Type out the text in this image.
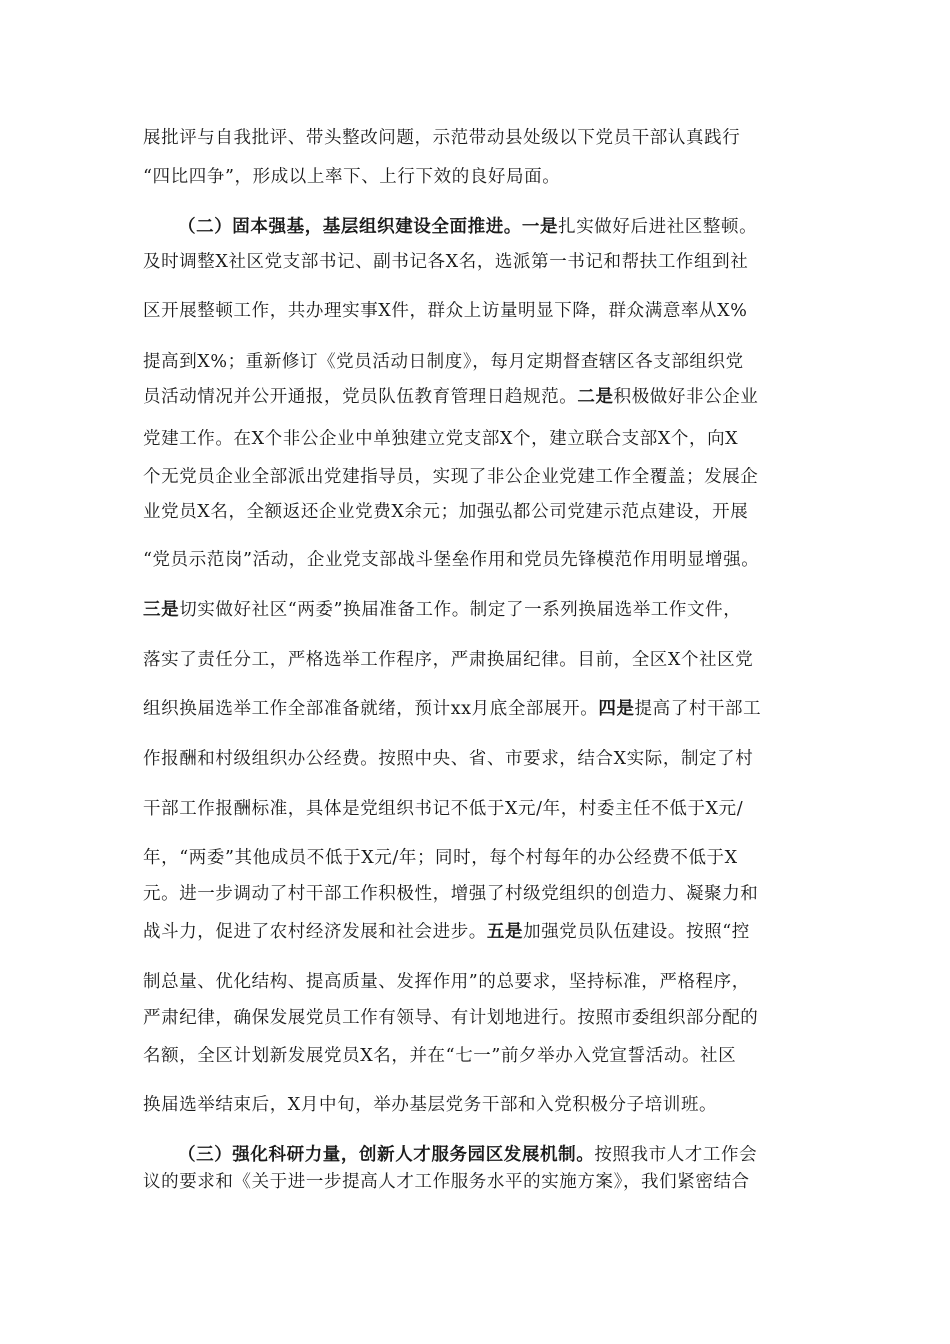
展批评与自我批评、带头整改问题，示范带动县处级以下党员干部认真践行
“四比四争”，形成以上率下、上行下效的良好局面。
（二）固本强基，基层组织建设全面推进。一是扎实做好后进社区整顿。
及时调整X社区党支部书记、副书记各X名，选派第一书记和帮扶工作组到社
区开展整顿工作，共办理实事X件，群众上访量明显下降，群众满意率从X%
提高到X%；重新修订《党员活动日制度》，每月定期督查辖区各支部组织党
员活动情况并公开通报，党员队伍教育管理日趋规范。二是积极做好非公企业
党建工作。在X个非公企业中单独建立党支部X个，建立联合支部X个，向X
个无党员企业全部派出党建指导员，实现了非公企业党建工作全覆盖；发展企
业党员X名，全额返还企业党费X余元；加强弘都公司党建示范点建设，开展
“党员示范岗”活动，企业党支部战斗堡垒作用和党员先锋模范作用明显增强。
三是切实做好社区“两委”换届准备工作。制定了一系列换届选举工作文件，
落实了责任分工，严格选举工作程序，严肃换届纪律。目前，全区X个社区党
组织换届选举工作全部准备就绪，预计xx月底全部展开。四是提高了村干部工
作报酬和村级组织办公经费。按照中央、省、市要求，结合X实际，制定了村
干部工作报酬标准，具体是党组织书记不低于X元/年，村委主任不低于X元/
年，“两委”其他成员不低于X元/年；同时，每个村每年的办公经费不低于X
元。进一步调动了村干部工作积极性，增强了村级党组织的创造力、凝聚力和
战斗力，促进了农村经济发展和社会进步。五是加强党员队伍建设。按照“控
制总量、优化结构、提高质量、发挥作用”的总要求，坚持标准，严格程序，
严肃纪律，确保发展党员工作有领导、有计划地进行。按照市委组织部分配的
名额，全区计划新发展党员X名，并在“七一”前夕举办入党宣誓活动。社区
换届选举结束后，X月中旬，举办基层党务干部和入党积极分子培训班。
（三）强化科研力量，创新人才服务园区发展机制。按照我市人才工作会
议的要求和《关于进一步提高人才工作服务水平的实施方案》，我们紧密结合
